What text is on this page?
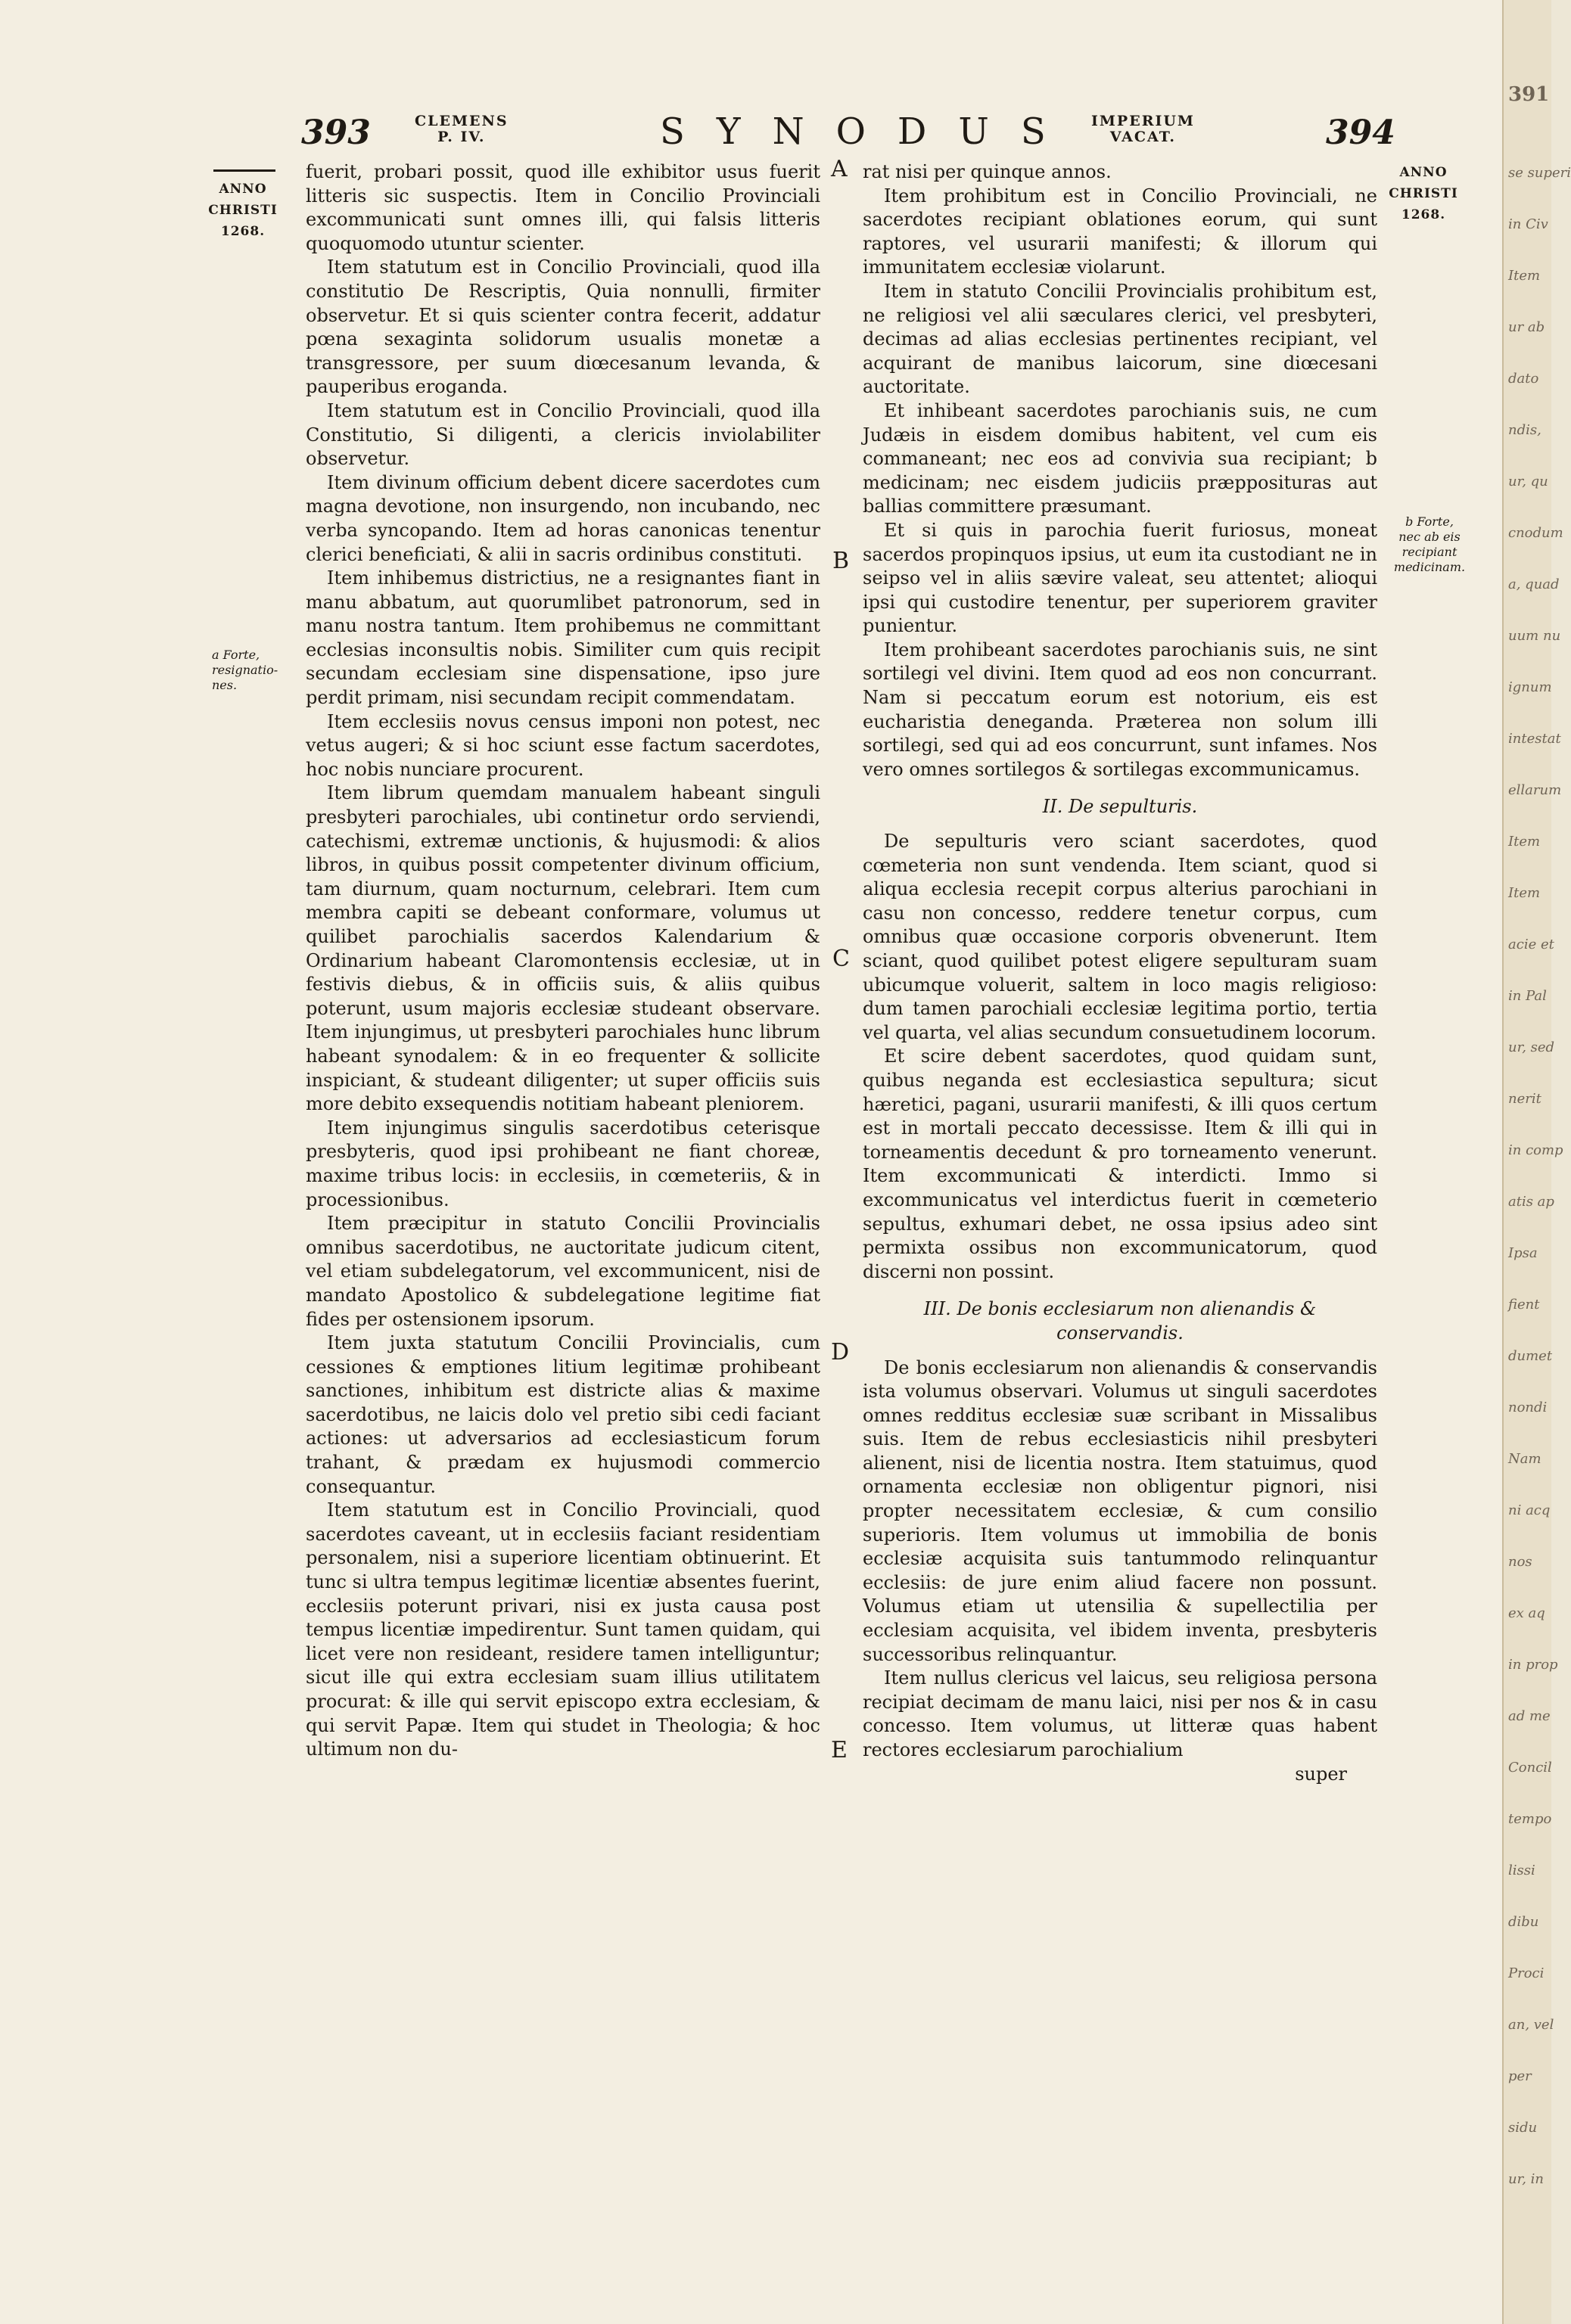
393	CLEMENS
P. IV.	SYNODUS IMPERIUM
VACAT.	394
ANNO
CHRISTI
1268.
a Forte,
resignatio-
nes.
ANNO
CHRISTI
1268.
b Forte,
nec ab eis
recipiant
medicinam.
A
B
C
D
E

fuerit, probari possit, quod ille exhibitor usus fuerit litteris sic suspectis. Item in Concilio Provinciali excommunicati sunt omnes illi, qui falsis litteris quoquomodo utuntur scienter.

Item statutum est in Concilio Provinciali, quod illa constitutio De Rescriptis, Quia nonnulli, firmiter observetur. Et si quis scienter contra fecerit, addatur pœna sexaginta solidorum usualis monetæ a transgressore, per suum diœcesanum levanda, & pauperibus eroganda.

Item statutum est in Concilio Provinciali, quod illa Constitutio, Si diligenti, a clericis inviolabiliter observetur.

Item divinum officium debent dicere sacerdotes cum magna devotione, non insurgendo, non incubando, nec verba syncopando. Item ad horas canonicas tenentur clerici beneficiati, & alii in sacris ordinibus constituti.

Item inhibemus districtius, ne a resignantes fiant in manu abbatum, aut quorumlibet patronorum, sed in manu nostra tantum. Item prohibemus ne committant ecclesias inconsultis nobis. Similiter cum quis recipit secundam ecclesiam sine dispensatione, ipso jure perdit primam, nisi secundam recipit commendatam.

Item ecclesiis novus census imponi non potest, nec vetus augeri; & si hoc sciunt esse factum sacerdotes, hoc nobis nunciare procurent.

Item librum quemdam manualem habeant singuli presbyteri parochiales, ubi continetur ordo serviendi, catechismi, extremæ unctionis, & hujusmodi: & alios libros, in quibus possit competenter divinum officium, tam diurnum, quam nocturnum, celebrari. Item cum membra capiti se debeant conformare, volumus ut quilibet parochialis sacerdos Kalendarium & Ordinarium habeant Claromontensis ecclesiæ, ut in festivis diebus, & in officiis suis, & aliis quibus poterunt, usum majoris ecclesiæ studeant observare. Item injungimus, ut presbyteri parochiales hunc librum habeant synodalem: & in eo frequenter & sollicite inspiciant, & studeant diligenter; ut super officiis suis more debito exsequendis notitiam habeant pleniorem.

Item injungimus singulis sacerdotibus ceterisque presbyteris, quod ipsi prohibeant ne fiant choreæ, maxime tribus locis: in ecclesiis, in cœmeteriis, & in processionibus.

Item præcipitur in statuto Concilii Provincialis omnibus sacerdotibus, ne auctoritate judicum citent, vel etiam subdelegatorum, vel excommunicent, nisi de mandato Apostolico & subdelegatione legitime fiat fides per ostensionem ipsorum.

Item juxta statutum Concilii Provincialis, cum cessiones & emptiones litium legitimæ prohibeant sanctiones, inhibitum est districte alias & maxime sacerdotibus, ne laicis dolo vel pretio sibi cedi faciant actiones: ut adversarios ad ecclesiasticum forum trahant, & prædam ex hujusmodi commercio consequantur.

Item statutum est in Concilio Provinciali, quod sacerdotes caveant, ut in ecclesiis faciant residentiam personalem, nisi a superiore licentiam obtinuerint. Et tunc si ultra tempus legitimæ licentiæ absentes fuerint, ecclesiis poterunt privari, nisi ex justa causa post tempus licentiæ impedirentur. Sunt tamen quidam, qui licet vere non resideant, residere tamen intelliguntur; sicut ille qui extra ecclesiam suam illius utilitatem procurat: & ille qui servit episcopo extra ecclesiam, & qui servit Papæ. Item qui studet in Theologia; & hoc ultimum non du-

rat nisi per quinque annos.

Item prohibitum est in Concilio Provinciali, ne sacerdotes recipiant oblationes eorum, qui sunt raptores, vel usurarii manifesti; & illorum qui immunitatem ecclesiæ violarunt.

Item in statuto Concilii Provincialis prohibitum est, ne religiosi vel alii sæculares clerici, vel presbyteri, decimas ad alias ecclesias pertinentes recipiant, vel acquirant de manibus laicorum, sine diœcesani auctoritate.

Et inhibeant sacerdotes parochianis suis, ne cum Judæis in eisdem domibus habitent, vel cum eis commaneant; nec eos ad convivia sua recipiant; b medicinam; nec eisdem judiciis præpposituras aut ballias committere præsumant.

Et si quis in parochia fuerit furiosus, moneat sacerdos propinquos ipsius, ut eum ita custodiant ne in seipso vel in aliis sævire valeat, seu attentet; alioqui ipsi qui custodire tenentur, per superiorem graviter punientur.

Item prohibeant sacerdotes parochianis suis, ne sint sortilegi vel divini. Item quod ad eos non concurrant. Nam si peccatum eorum est notorium, eis est eucharistia deneganda. Præterea non solum illi sortilegi, sed qui ad eos concurrunt, sunt infames. Nos vero omnes sortilegos & sortilegas excommunicamus.

II. De sepulturis.

De sepulturis vero sciant sacerdotes, quod cœmeteria non sunt vendenda. Item sciant, quod si aliqua ecclesia recepit corpus alterius parochiani in casu non concesso, reddere tenetur corpus, cum omnibus quæ occasione corporis obvenerunt. Item sciant, quod quilibet potest eligere sepulturam suam ubicumque voluerit, saltem in loco magis religioso: dum tamen parochiali ecclesiæ legitima portio, tertia vel quarta, vel alias secundum consuetudinem locorum.

Et scire debent sacerdotes, quod quidam sunt, quibus neganda est ecclesiastica sepultura; sicut hæretici, pagani, usurarii manifesti, & illi quos certum est in mortali peccato decessisse. Item & illi qui in torneamentis decedunt & pro torneamento venerunt. Item excommunicati & interdicti. Immo si excommunicatus vel interdictus fuerit in cœmeterio sepultus, exhumari debet, ne ossa ipsius adeo sint permixta ossibus non excommunicatorum, quod discerni non possint.

III. De bonis ecclesiarum non alienandis & conservandis.

De bonis ecclesiarum non alienandis & conservandis ista volumus observari. Volumus ut singuli sacerdotes omnes redditus ecclesiæ suæ scribant in Missalibus suis. Item de rebus ecclesiasticis nihil presbyteri alienent, nisi de licentia nostra. Item statuimus, quod ornamenta ecclesiæ non obligentur pignori, nisi propter necessitatem ecclesiæ, & cum consilio superioris. Item volumus ut immobilia de bonis ecclesiæ acquisita suis tantummodo relinquantur ecclesiis: de jure enim aliud facere non possunt. Volumus etiam ut utensilia & supellectilia per ecclesiam acquisita, vel ibidem inventa, presbyteris successoribus relinquantur.

Item nullus clericus vel laicus, seu religiosa persona recipiat decimam de manu laici, nisi per nos & in casu concesso. Item volumus, ut litteræ quas habent rectores ecclesiarum parochialium

super
391
se superi
in Civ
Item
ur ab
dato
ndis,
ur, qu
cnodum
a, quad
uum nu
ignum
intestat
ellarum
Item
Item
acie et
in Pal
ur, sed
nerit
in comp
atis ap
Ipsa
fient
dumet
nondi
Nam
ni acq
nos
ex aq
in prop
ad me
Concil
tempo
lissi
dibu
Proci
an, vel
per
sidu
ur, in
